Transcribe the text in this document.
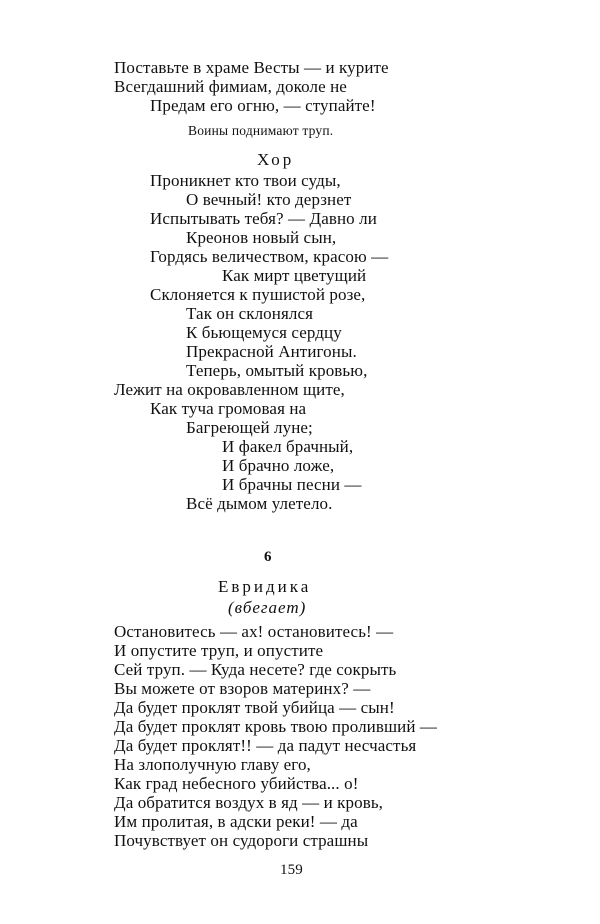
Поставьте в храме Весты — и курите
Всегдашний фимиам, доколе не
Предам его огню, — ступайте!
Воины поднимают труп.
Хор
Проникнет кто твои суды,
О вечный! кто дерзнет
Испытывать тебя? — Давно ли
Креонов новый сын,
Гордясь величеством, красою —
Как мирт цветущий
Склоняется к пушистой розе,
Так он склонялся
К бьющемуся сердцу
Прекрасной Антигоны.
Теперь, омытый кровью,
Лежит на окровавленном щите,
Как туча громовая на
Багреющей луне;
И факел брачный,
И брачно ложе,
И брачны песни —
Всё дымом улетело.
6
Евридика
(вбегает)
Остановитесь — ах! остановитесь! —
И опустите труп, и опустите
Сей труп. — Куда несете? где сокрыть
Вы можете от взоров материнх? —
Да будет проклят твой убийца — сын!
Да будет проклят кровь твою проливший —
Да будет проклят!! — да падут несчастья
На злополучную главу его,
Как град небесного убийства... о!
Да обратится воздух в яд — и кровь,
Им пролитая, в адски реки! — да
Почувствует он судороги страшны
159
